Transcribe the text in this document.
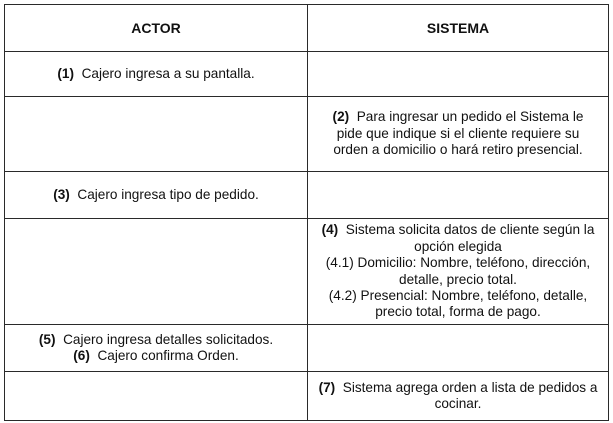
ACTOR	SISTEMA
(1) Cajero ingresa a su pantalla.
(2) Para ingresar un pedido el Sistema le pide que indique si el cliente requiere su orden a domicilio o hará retiro presencial.
(3) Cajero ingresa tipo de pedido.
(4) Sistema solicita datos de cliente según la opción elegida
(4.1) Domicilio: Nombre, teléfono, dirección, detalle, precio total.
(4.2) Presencial: Nombre, teléfono, detalle, precio total, forma de pago.
(5) Cajero ingresa detalles solicitados.
(6) Cajero confirma Orden.
(7) Sistema agrega orden a lista de pedidos a cocinar.
